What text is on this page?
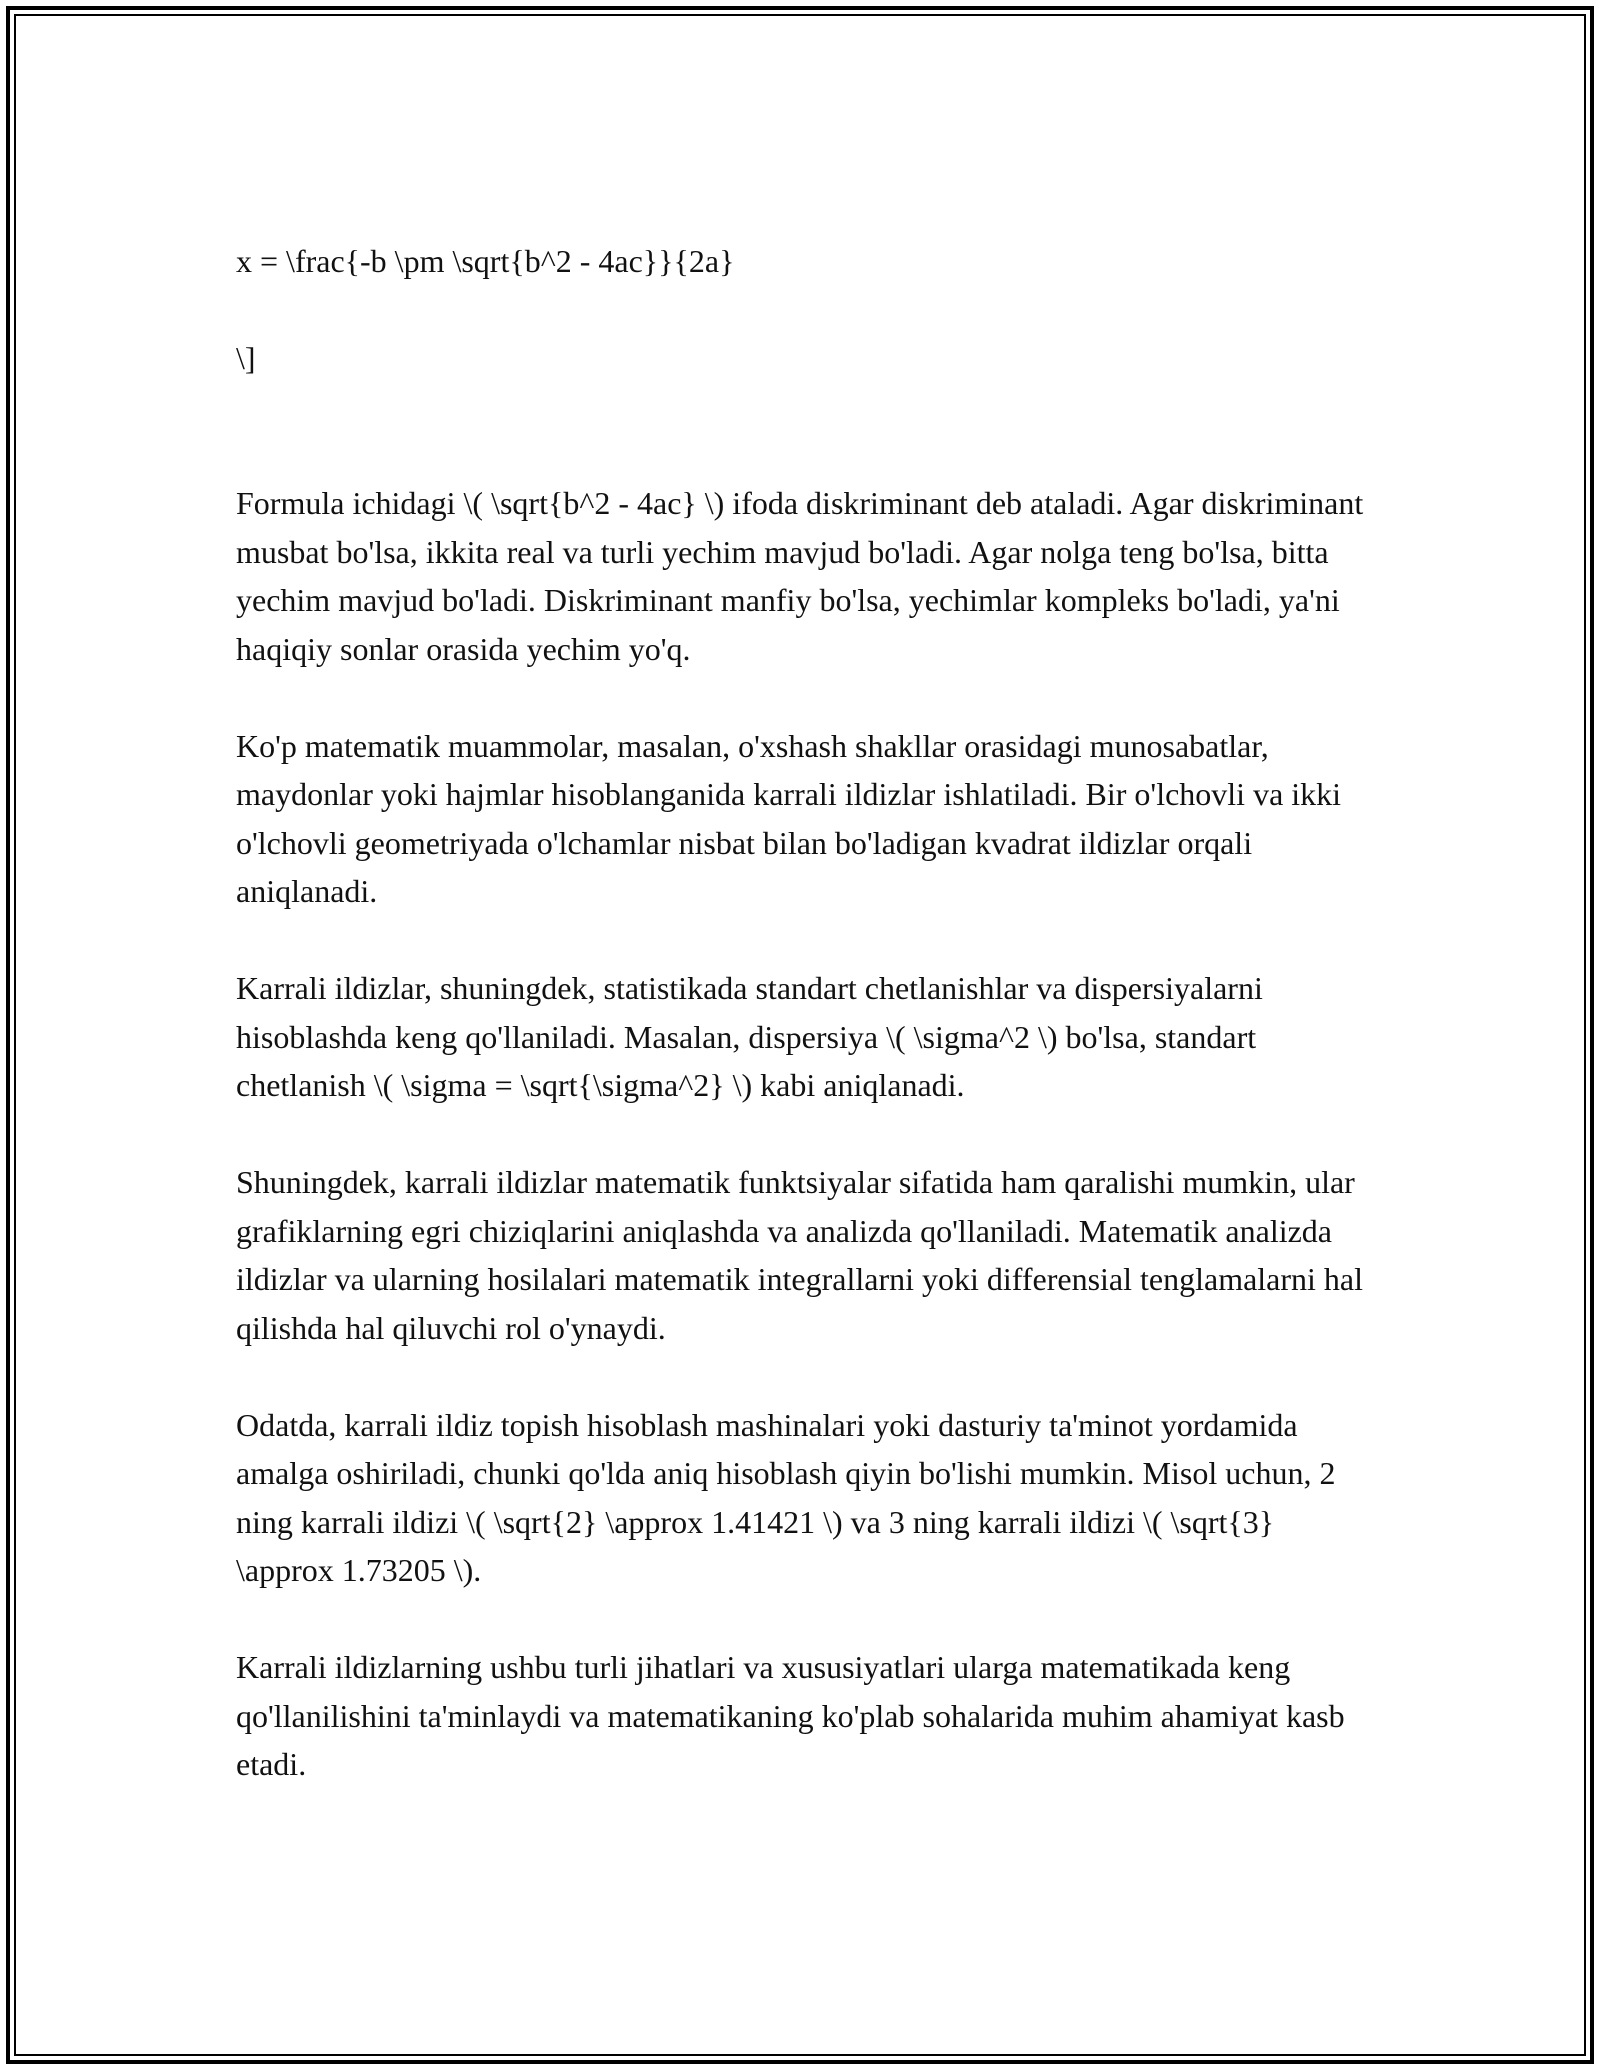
x = \frac{-b \pm \sqrt{b^2 - 4ac}}{2a}

\]

Formula ichidagi \( \sqrt{b^2 - 4ac} \) ifoda diskriminant deb ataladi. Agar diskriminant musbat bo'lsa, ikkita real va turli yechim mavjud bo'ladi. Agar nolga teng bo'lsa, bitta yechim mavjud bo'ladi. Diskriminant manfiy bo'lsa, yechimlar kompleks bo'ladi, ya'ni haqiqiy sonlar orasida yechim yo'q.

Ko'p matematik muammolar, masalan, o'xshash shakllar orasidagi munosabatlar, maydonlar yoki hajmlar hisoblanganida karrali ildizlar ishlatiladi. Bir o'lchovli va ikki o'lchovli geometriyada o'lchamlar nisbat bilan bo'ladigan kvadrat ildizlar orqali aniqlanadi.

Karrali ildizlar, shuningdek, statistikada standart chetlanishlar va dispersiyalarni hisoblashda keng qo'llaniladi. Masalan, dispersiya \( \sigma^2 \) bo'lsa, standart chetlanish \( \sigma = \sqrt{\sigma^2} \) kabi aniqlanadi.

Shuningdek, karrali ildizlar matematik funktsiyalar sifatida ham qaralishi mumkin, ular grafiklarning egri chiziqlarini aniqlashda va analizda qo'llaniladi. Matematik analizda ildizlar va ularning hosilalari matematik integrallarni yoki differensial tenglamalarni hal qilishda hal qiluvchi rol o'ynaydi.

Odatda, karrali ildiz topish hisoblash mashinalari yoki dasturiy ta'minot yordamida amalga oshiriladi, chunki qo'lda aniq hisoblash qiyin bo'lishi mumkin. Misol uchun, 2 ning karrali ildizi \( \sqrt{2} \approx 1.41421 \) va 3 ning karrali ildizi \( \sqrt{3} \approx 1.73205 \).

Karrali ildizlarning ushbu turli jihatlari va xususiyatlari ularga matematikada keng qo'llanilishini ta'minlaydi va matematikaning ko'plab sohalarida muhim ahamiyat kasb etadi.
